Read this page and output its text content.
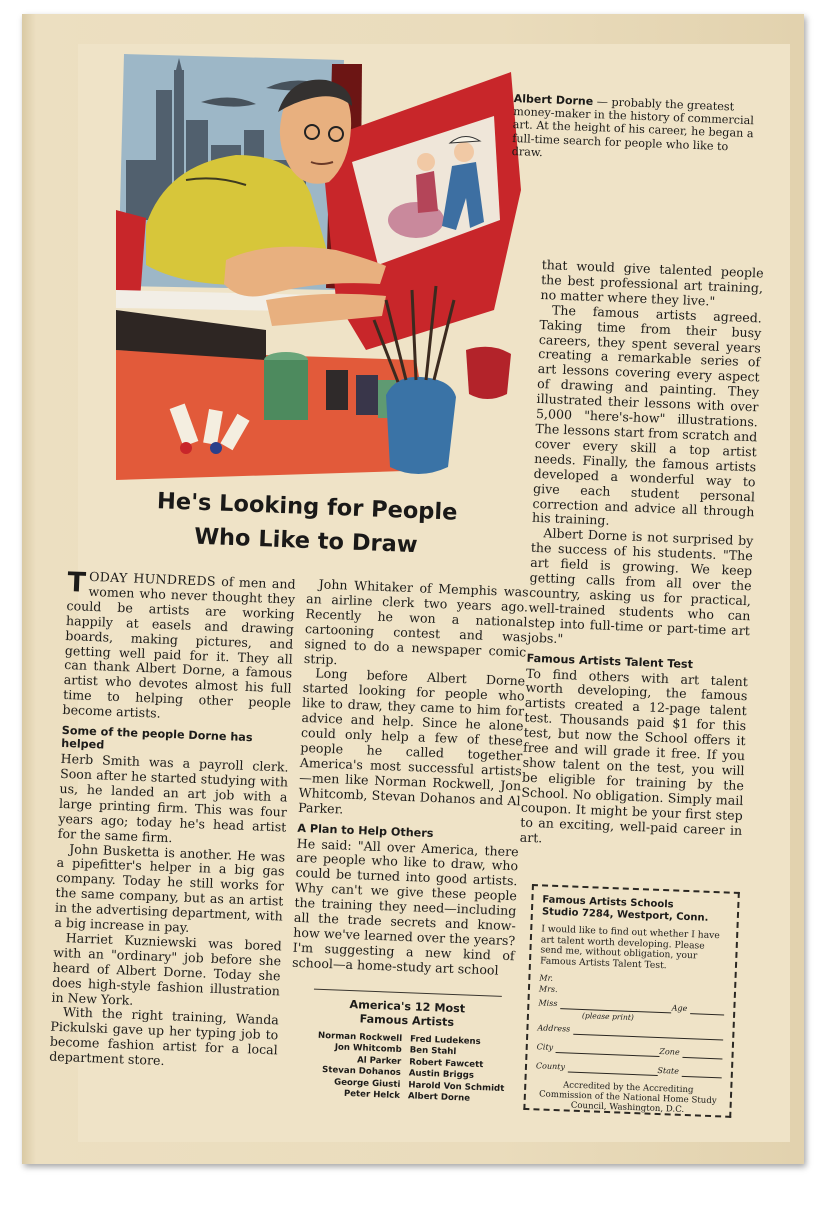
Albert Dorne — probably the greatest money-maker in the history of commercial art. At the height of his career, he began a full-time search for people who like to draw.
He's Looking for People
Who Like to Draw

TODAY HUNDREDS of men and women who never thought they could be artists are working happily at easels and drawing boards, making pictures, and getting well paid for it. They all can thank Albert Dorne, a famous artist who devotes almost his full time to helping other people become artists.

Some of the people Dorne has helped

Herb Smith was a payroll clerk. Soon after he started studying with us, he landed an art job with a large printing firm. This was four years ago; today he's head artist for the same firm.

John Busketta is another. He was a pipefitter's helper in a big gas company. Today he still works for the same company, but as an artist in the advertising department, with a big increase in pay.

Harriet Kuzniewski was bored with an "ordinary" job before she heard of Albert Dorne. Today she does high-style fashion illustration in New York.

With the right training, Wanda Pickulski gave up her typing job to become fashion artist for a local department store.

John Whitaker of Memphis was an airline clerk two years ago. Recently he won a national cartooning contest and was signed to do a newspaper comic strip.

Long before Albert Dorne started looking for people who like to draw, they came to him for advice and help. Since he alone could only help a few of these people he called together America's most successful artists —men like Norman Rockwell, Jon Whitcomb, Stevan Dohanos and Al Parker.

A Plan to Help Others

He said: "All over America, there are people who like to draw, who could be turned into good artists. Why can't we give these people the training they need—including all the trade secrets and know-how we've learned over the years? I'm suggesting a new kind of school—a home-study art school

that would give talented people the best professional art training, no matter where they live."

The famous artists agreed. Taking time from their busy careers, they spent several years creating a remarkable series of art lessons covering every aspect of drawing and painting. They illustrated their lessons with over 5,000 "here's-how" illustrations. The lessons start from scratch and cover every skill a top artist needs. Finally, the famous artists developed a wonderful way to give each student personal correction and advice all through his training.

Albert Dorne is not surprised by the success of his students. "The art field is growing. We keep getting calls from all over the country, asking us for practical, well-trained students who can step into full-time or part-time art jobs."

Famous Artists Talent Test

To find others with art talent worth developing, the famous artists created a 12-page talent test. Thousands paid $1 for this test, but now the School offers it free and will grade it free. If you show talent on the test, you will be eligible for training by the School. No obligation. Simply mail coupon. It might be your first step to an exciting, well-paid career in art.

America's 12 Most
Famous Artists
Norman Rockwell Fred Ludekens
Jon Whitcomb Ben Stahl
Al Parker Robert Fawcett
Stevan Dohanos Austin Briggs
George Giusti Harold Von Schmidt
Peter Helck Albert Dorne
Famous Artists Schools
Studio 7284, Westport, Conn.
I would like to find out whether I have art talent worth developing. Please send me, without obligation, your Famous Artists Talent Test.
Mr.
Mrs.
Miss
Age
(please print)
Address
City	Zone
County	State
Accredited by the Accrediting Commission of the National Home Study Council, Washington, D.C.
